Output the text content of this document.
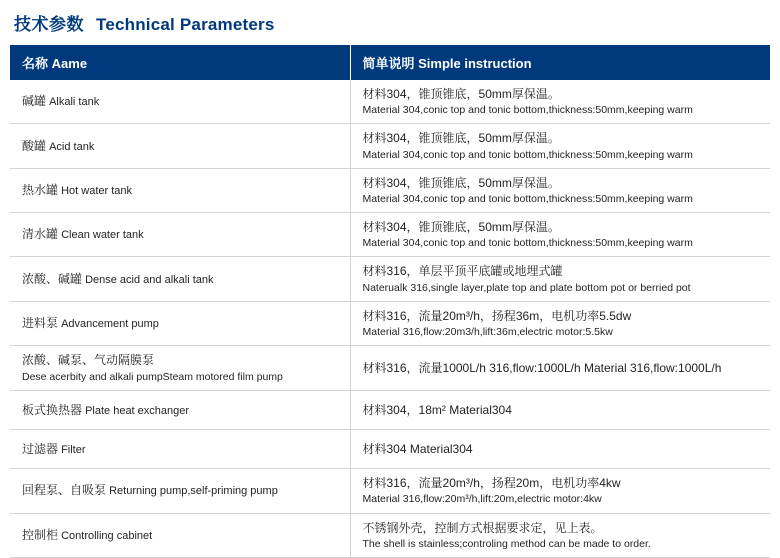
技术参数 Technical Parameters
名称 Aame	简单说明 Simple instruction
碱罐 Alkali tank	材料304，锥顶锥底，50mm厚保温。
Material 304,conic top and tonic bottom,thickness:50mm,keeping warm

酸罐 Acid tank	材料304，锥顶锥底，50mm厚保温。
Material 304,conic top and tonic bottom,thickness:50mm,keeping warm

热水罐 Hot water tank	材料304，锥顶锥底，50mm厚保温。
Material 304,conic top and tonic bottom,thickness:50mm,keeping warm

清水罐 Clean water tank	材料304，锥顶锥底，50mm厚保温。
Material 304,conic top and tonic bottom,thickness:50mm,keeping warm

浓酸、碱罐 Dense acid and alkali tank	材料316，单层平顶平底罐或地埋式罐
Naterualk 316,single layer,plate top and plate bottom pot or berried pot

进料泵 Advancement pump	材料316，流量20m³/h，扬程36m，电机功率5.5dw
Material 316,flow:20m3/h,lift:36m,electric motor:5.5kw

浓酸、碱泵、气动隔膜泵
Dese acerbity and alkali pumpSteam motored film pump	材料316，流量1000L/h 316,flow:1000L/h Material 316,flow:1000L/h
板式换热器 Plate heat exchanger	材料304，18m² Material304
过滤器 Filter	材料304 Material304
回程泵、自吸泵 Returning pump,self-priming pump	材料316，流量20m³/h，扬程20m，电机功率4kw
Material 316,flow:20m³/h,lift:20m,electric motor:4kw

控制柜 Controlling cabinet	不锈钢外壳，控制方式根据要求定，见上表。
The shell is stainless;controling method can be made to order.
